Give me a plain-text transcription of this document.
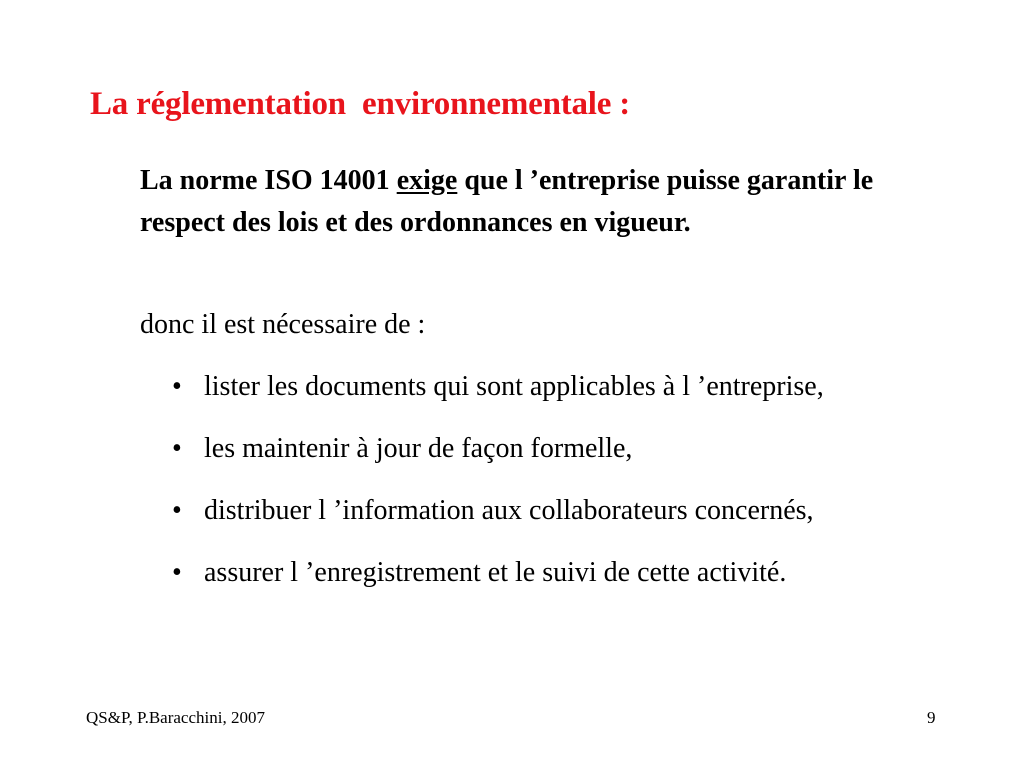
La réglementation  environnementale :
La norme ISO 14001 exige que l ’entreprise puisse garantir le respect des lois et des ordonnances en vigueur.
donc il est nécessaire de :
• lister les documents qui sont applicables à l ’entreprise,
• les maintenir à jour de façon formelle,
• distribuer l ’information aux collaborateurs concernés,
• assurer l ’enregistrement et le suivi de cette activité.
QS&P, P.Baracchini, 2007	9
